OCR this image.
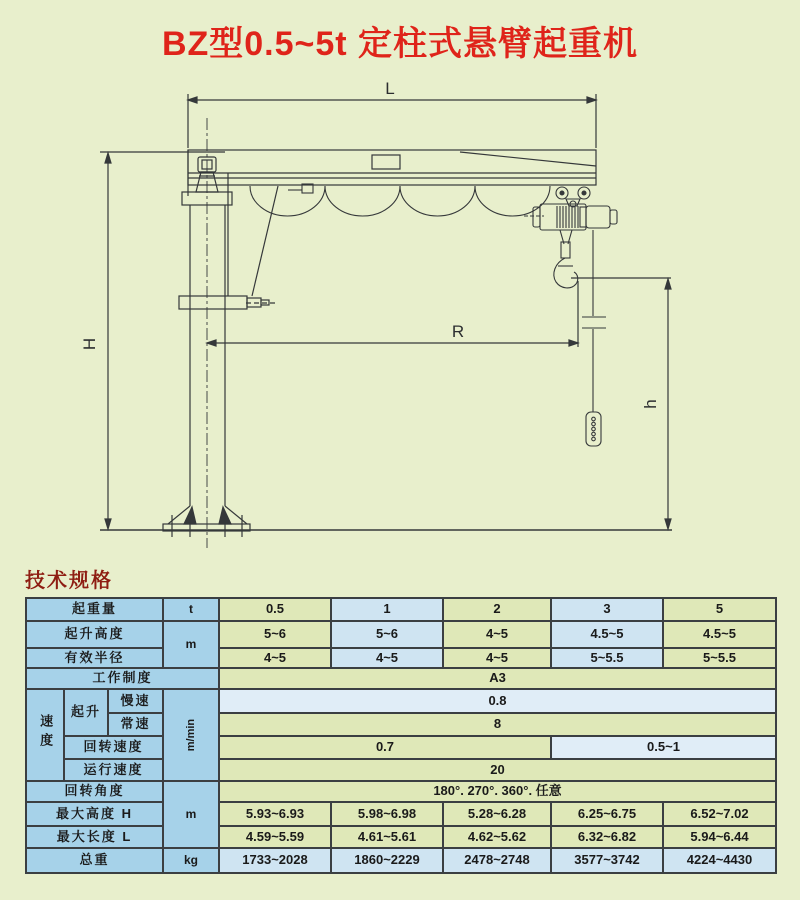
BZ型0.5~5t 定柱式悬臂起重机
L
H
R
h
技术规格
起重量			t	0.5	1	2	3	5
起升高度			m	5~6	5~6	4~5	4.5~5	4.5~5
有效半径				4~5	4~5	4~5	5~5.5	5~5.5
工作制度				A3				
速度	起升	慢速	m/min	0.8				
		常速		8				
	回转速度			0.7			0.5~1	
	运行速度			20				
回转角度			m	180°. 270°. 360°. 任意				
最大高度 H				5.93~6.93	5.98~6.98	5.28~6.28	6.25~6.75	6.52~7.02
最大长度 L				4.59~5.59	4.61~5.61	4.62~5.62	6.32~6.82	5.94~6.44
总重			kg	1733~2028	1860~2229	2478~2748	3577~3742	4224~4430
